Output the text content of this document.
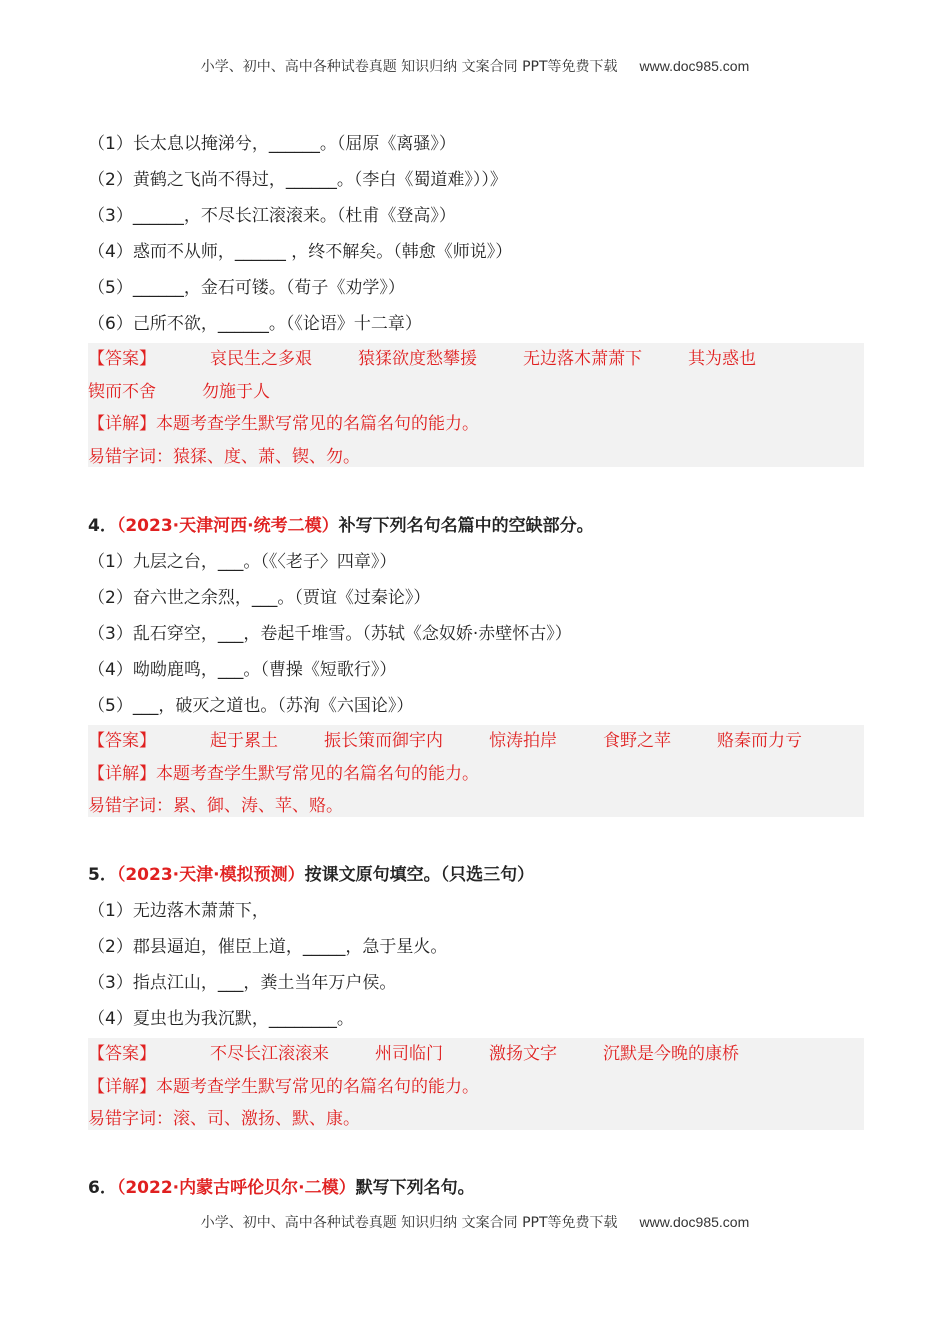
小学、初中、高中各种试卷真题 知识归纳 文案合同 PPT等免费下载 www.doc985.com
（1）长太息以掩涕兮，______。（屈原《离骚》）
（2）黄鹤之飞尚不得过，______。（李白《蜀道难》））》
（3）______，不尽长江滚滚来。（杜甫《登高》）
（4）惑而不从师，______ ，终不解矣。（韩愈《师说》）
（5）______，金石可镂。（荀子《劝学》）
（6）己所不欲，______。（《论语》十二章）
【答案】	哀民生之多艰	猿猱欲度愁攀援	无边落木萧萧下	其为惑也
锲而不舍	勿施于人
【详解】本题考查学生默写常见的名篇名句的能力。
易错字词：猿猱、度、萧、锲、勿。
4．（2023·天津河西·统考二模）补写下列名句名篇中的空缺部分。
（1）九层之台，___。（《〈老子〉四章》）
（2）奋六世之余烈，___。（贾谊《过秦论》）
（3）乱石穿空，___，卷起千堆雪。（苏轼《念奴娇·赤壁怀古》）
（4）呦呦鹿鸣，___。（曹操《短歌行》）
（5）___，破灭之道也。（苏洵《六国论》）
【答案】	起于累土	振长策而御宇内	惊涛拍岸	食野之苹	赂秦而力亏
【详解】本题考查学生默写常见的名篇名句的能力。
易错字词：累、御、涛、苹、赂。
5．（2023·天津·模拟预测）按课文原句填空。（只选三句）
（1）无边落木萧萧下，
（2）郡县逼迫，催臣上道，_____，急于星火。
（3）指点江山，___，粪土当年万户侯。
（4）夏虫也为我沉默，________。
【答案】	不尽长江滚滚来	州司临门	激扬文字	沉默是今晚的康桥
【详解】本题考查学生默写常见的名篇名句的能力。
易错字词：滚、司、激扬、默、康。
6．（2022·内蒙古呼伦贝尔·二模）默写下列名句。
小学、初中、高中各种试卷真题 知识归纳 文案合同 PPT等免费下载 www.doc985.com
